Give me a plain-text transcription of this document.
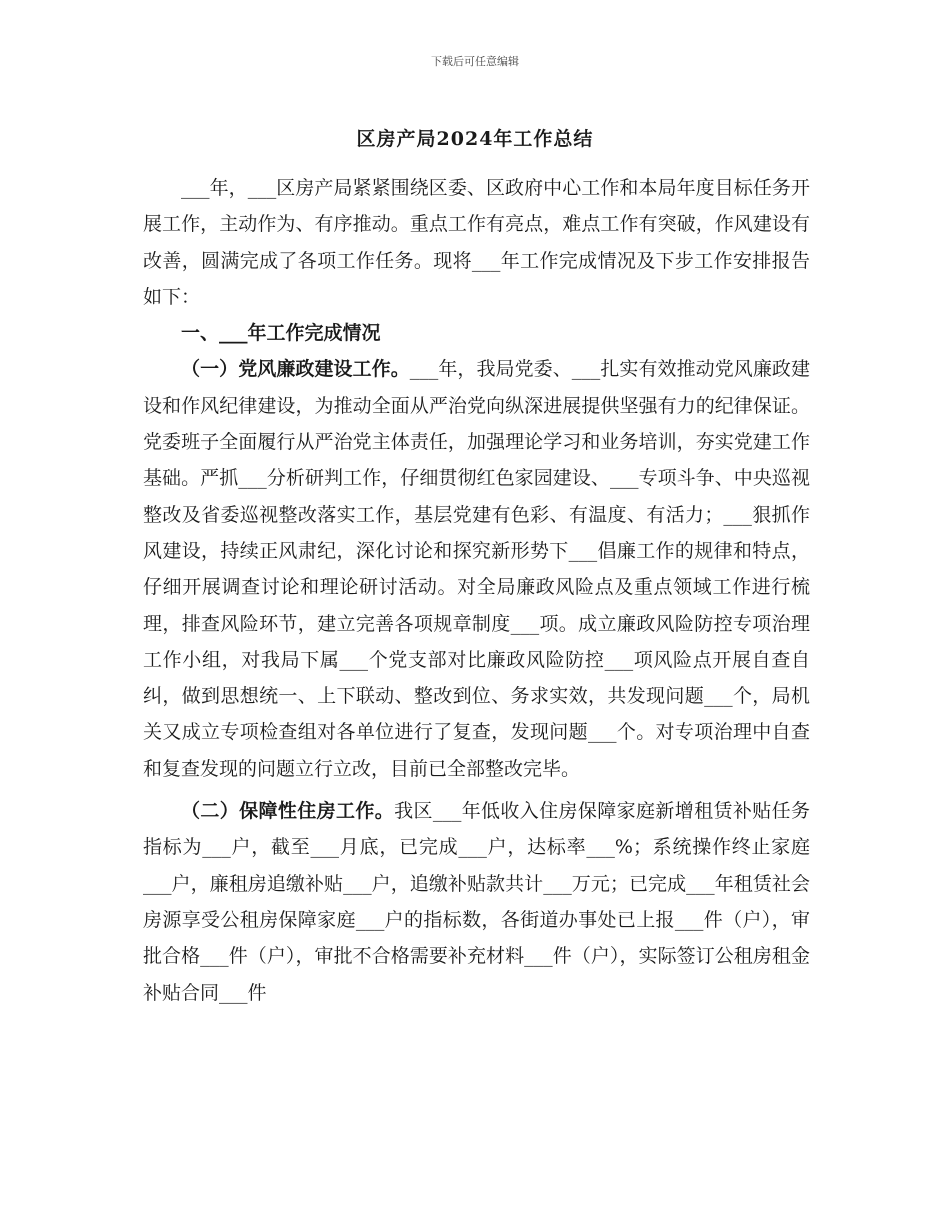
下载后可任意编辑
区房产局2024年工作总结

___年，___区房产局紧紧围绕区委、区政府中心工作和本局年度目标任务开展工作，主动作为、有序推动。重点工作有亮点，难点工作有突破，作风建设有改善，圆满完成了各项工作任务。现将___年工作完成情况及下步工作安排报告如下：

一、___年工作完成情况

（一）党风廉政建设工作。___年，我局党委、___扎实有效推动党风廉政建设和作风纪律建设，为推动全面从严治党向纵深进展提供坚强有力的纪律保证。党委班子全面履行从严治党主体责任，加强理论学习和业务培训，夯实党建工作基础。严抓___分析研判工作，仔细贯彻红色家园建设、___专项斗争、中央巡视整改及省委巡视整改落实工作，基层党建有色彩、有温度、有活力；___狠抓作风建设，持续正风肃纪，深化讨论和探究新形势下___倡廉工作的规律和特点，仔细开展调查讨论和理论研讨活动。对全局廉政风险点及重点领域工作进行梳理，排查风险环节，建立完善各项规章制度___项。成立廉政风险防控专项治理工作小组，对我局下属___个党支部对比廉政风险防控___项风险点开展自查自纠，做到思想统一、上下联动、整改到位、务求实效，共发现问题___个，局机关又成立专项检查组对各单位进行了复查，发现问题___个。对专项治理中自查和复查发现的问题立行立改，目前已全部整改完毕。

（二）保障性住房工作。我区___年低收入住房保障家庭新增租赁补贴任务指标为___户，截至___月底，已完成___户，达标率___%；系统操作终止家庭___户，廉租房追缴补贴___户，追缴补贴款共计___万元；已完成___年租赁社会房源享受公租房保障家庭___户的指标数，各街道办事处已上报___件（户），审批合格___件（户），审批不合格需要补充材料___件（户），实际签订公租房租金补贴合同___件
